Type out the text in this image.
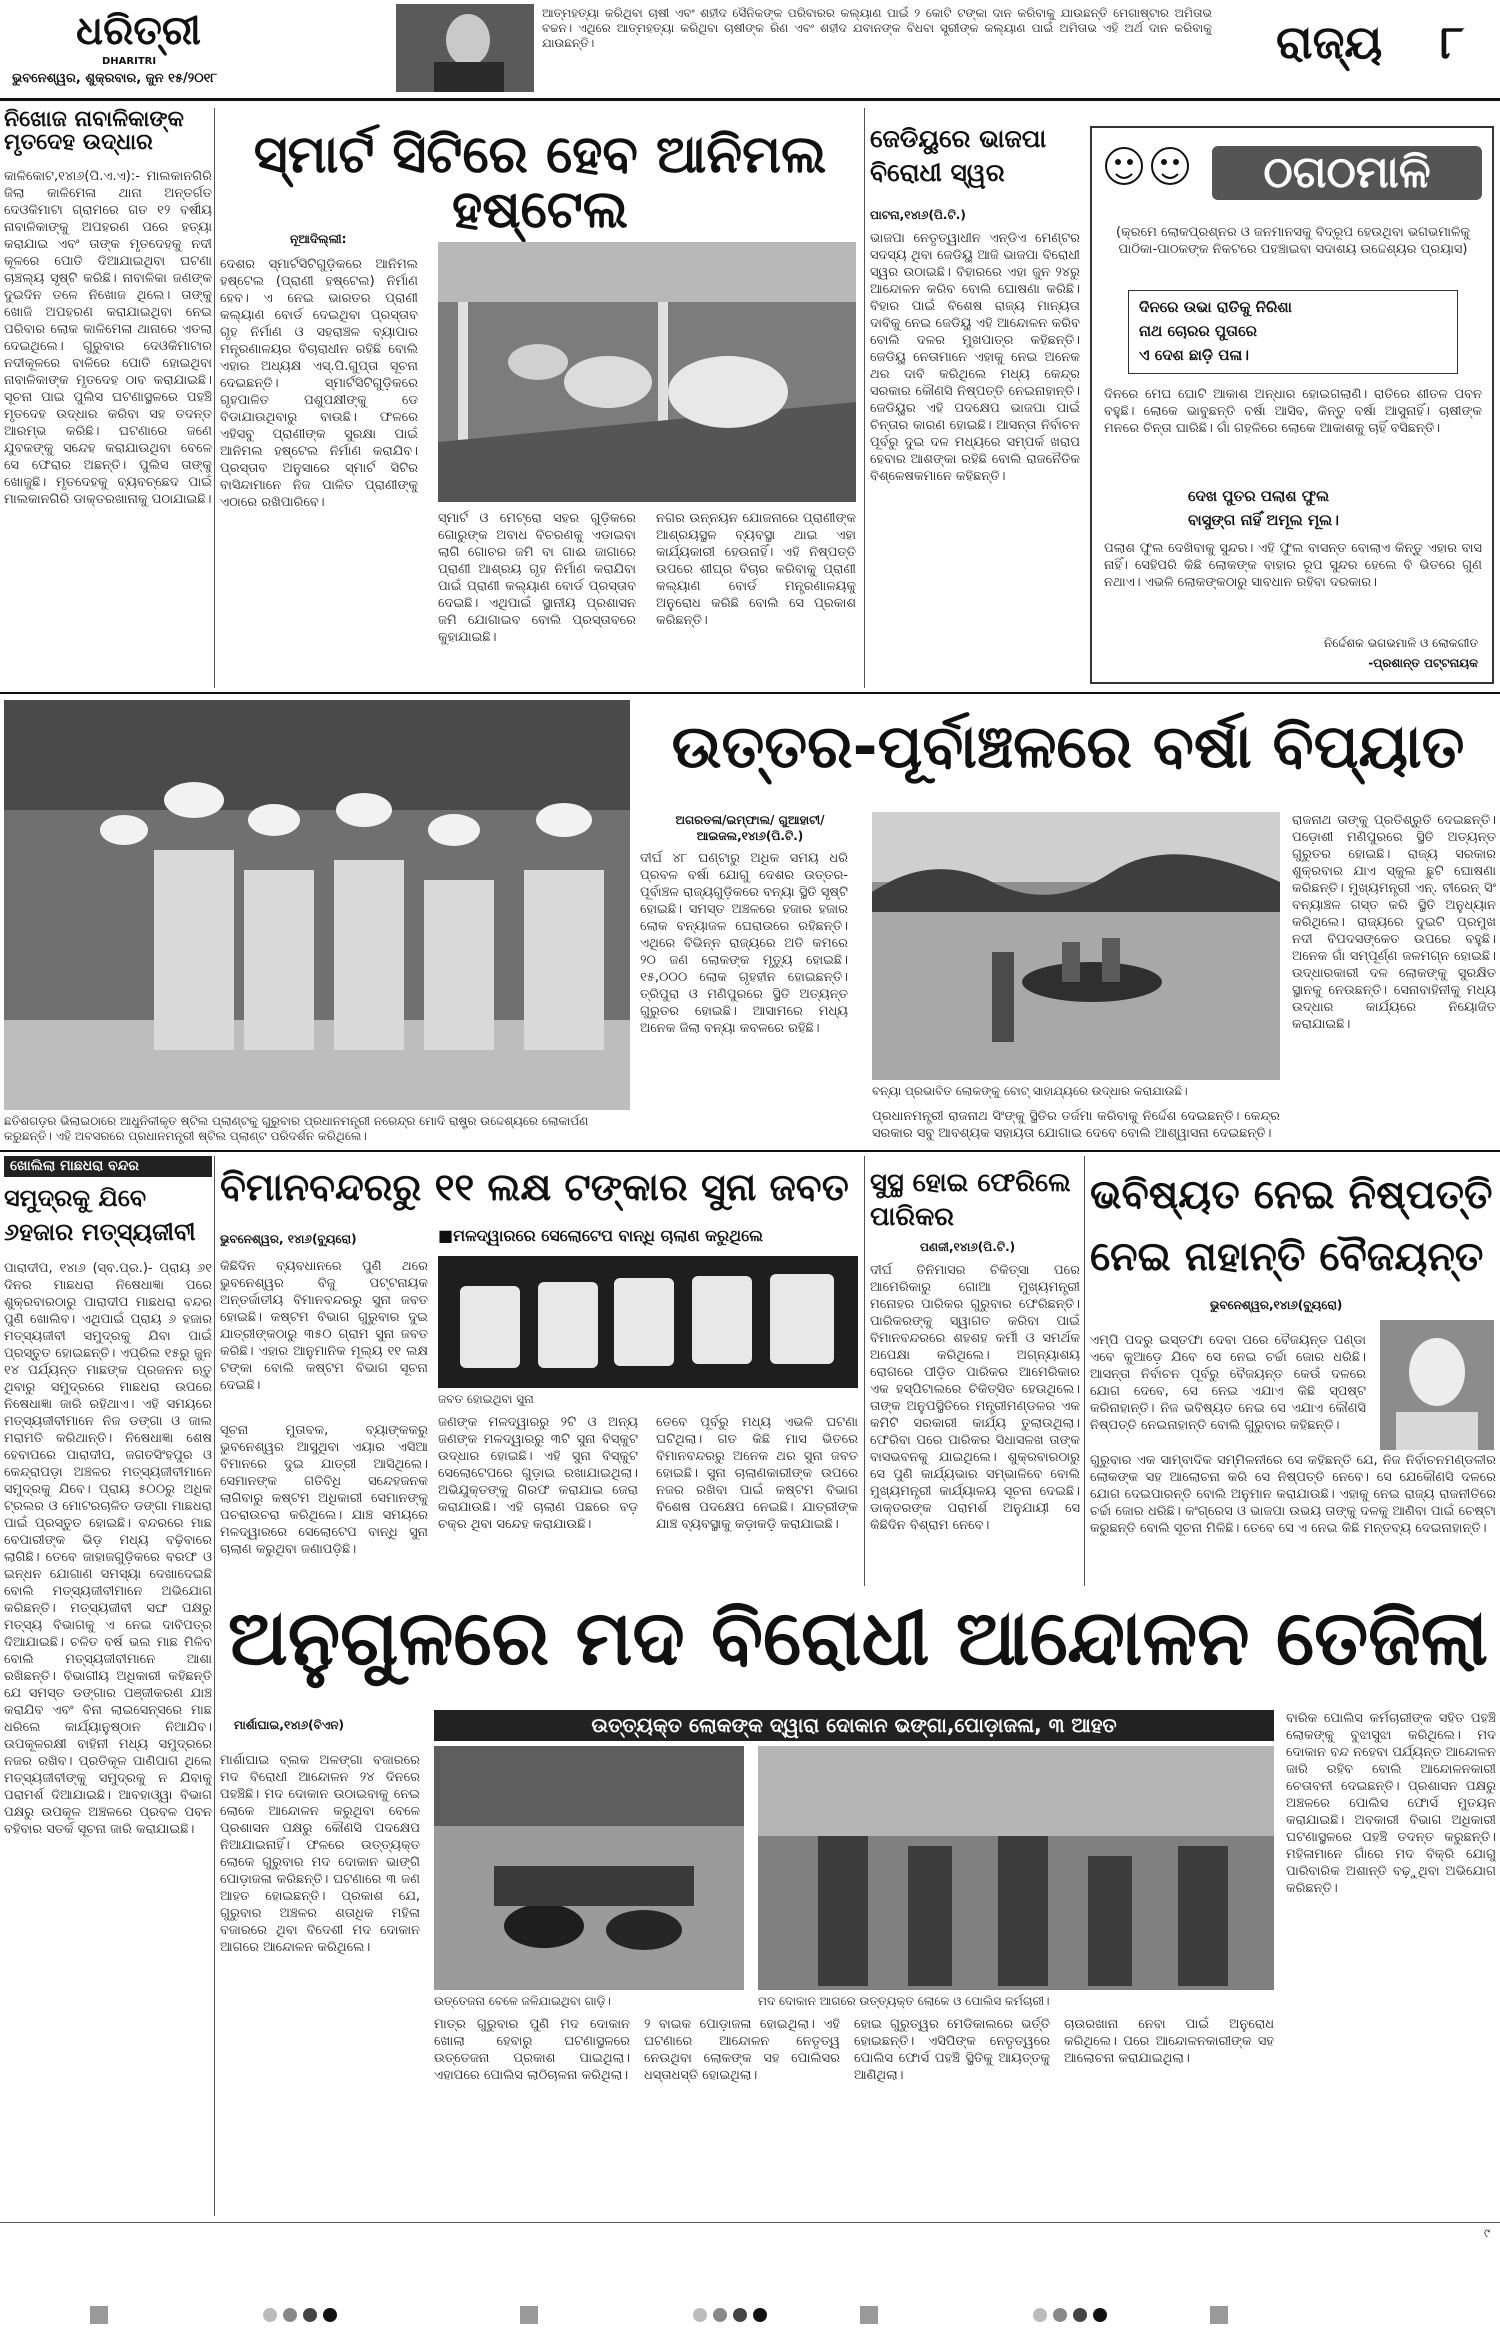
ଧରିତ୍ରୀ
DHARITRI
ଭୁବନେଶ୍ୱର, ଶୁକ୍ରବାର, ଜୁନ ୧୫/୨୦୧୮
ଆତ୍ମହତ୍ୟା କରିଥିବା ଚାଷୀ ଏବଂ ଶହୀଦ ସୈନିକଙ୍କ ପରିବାରର କଲ୍ୟାଣ ପାଇଁ ୨ କୋଟି ଟଙ୍କା ଦାନ କରିବାକୁ ଯାଉଛନ୍ତି ମେଗାଷ୍ଟାର ଅମିତାଭ ବଚ୍ଚନ। ଏଥିରେ ଆତ୍ମହତ୍ୟା କରିଥିବା ଚାଷୀଙ୍କ ରିଣ ଏବଂ ଶହୀଦ ଯବାନଙ୍କ ବିଧବା ସ୍ତ୍ରୀଙ୍କ କଲ୍ୟାଣ ପାଇଁ ଅମିତାଭ ଏହି ଅର୍ଥ ଦାନ କରିବାକୁ ଯାଉଛନ୍ତି।	ରାଜ୍ୟ ୮
ନିଖୋଜ ନାବାଳିକାଙ୍କ ମୃତଦେହ ଉଦ୍ଧାର
କାଳିକୋଟ,୧୪ା୬(ପି.ଏ.ଏ):- ମାଲକାନଗିରି ଜିଲା କାଳିମେଳା ଥାନା ଅନ୍ତର୍ଗତ ଦେଓକିମାଟା ଗ୍ରାମରେ ଗତ ୧୨ ବର୍ଷୀୟ ନାବାଳିକାଙ୍କୁ ଅପହରଣ ପରେ ହତ୍ୟା କରାଯାଇ ଏବଂ ତାଙ୍କ ମୃତଦେହକୁ ନଦୀ କୂଳରେ ପୋତି ଦିଆଯାଇଥିବା ଘଟଣା ଚାଞ୍ଚଲ୍ୟ ସୃଷ୍ଟି କରିଛି। ନାବାଳିକା ଜଣଙ୍କ ଦୁଇଦିନ ତଳେ ନିଖୋଜ ଥିଲେ। ତାଙ୍କୁ ଖୋଜି ଅପହରଣ କରାଯାଇଥିବା ନେଇ ପରିବାର ଲୋକ କାଳିମେଳା ଥାନାରେ ଏତଲା ଦେଇଥିଲେ। ଗୁରୁବାର ଦେଓକିମାଟାର ନଦୀକୂଳରେ ବାଳିରେ ପୋତି ହୋଇଥିବା ନାବାଳିକାଙ୍କ ମୃତଦେହ ଠାବ କରାଯାଇଛି। ସୂଚନା ପାଇ ପୁଲିସ ଘଟଣାସ୍ଥଳରେ ପହଞ୍ଚି ମୃତଦେହ ଉଦ୍ଧାର କରିବା ସହ ତଦନ୍ତ ଆରମ୍ଭ କରିଛି। ଘଟଣାରେ ଜଣେ ଯୁବକଙ୍କୁ ସନ୍ଦେହ କରାଯାଉଥିବା ବେଳେ ସେ ଫେରାର ଅଛନ୍ତି। ପୁଲିସ ତାଙ୍କୁ ଖୋଜୁଛି। ମୃତଦେହକୁ ବ୍ୟବଚ୍ଛେଦ ପାଇଁ ମାଲକାନଗିରି ଡାକ୍ତରଖାନାକୁ ପଠାଯାଇଛି।
ସ୍ମାର୍ଟ ସିଟିରେ ହେବ ଆନିମଲ ହଷ୍ଟେଲ
ନୂଆଦିଲ୍ଲୀ:
ଦେଶର ସ୍ମାର୍ଟସିଟିଗୁଡ଼ିକରେ ଆନିମଲ ହଷ୍ଟେଲ (ପ୍ରାଣୀ ହଷ୍ଟେଲ) ନିର୍ମାଣ ହେବ। ଏ ନେଇ ଭାରତର ପ୍ରାଣୀ କଲ୍ୟାଣ ବୋର୍ଡ ଦେଇଥିବା ପ୍ରସ୍ତାବ ଗୃହ ନିର୍ମାଣ ଓ ସହରାଞ୍ଚଳ ବ୍ୟାପାର ମନ୍ତ୍ରଣାଳୟର ବିଚାରାଧୀନ ରହିଛି ବୋଲି ଏହାର ଅଧ୍ୟକ୍ଷ ଏସ୍.ପି.ଗୁପ୍ତା ସୂଚନା ଦେଇଛନ୍ତି। ସ୍ମାର୍ଟସିଟିଗୁଡ଼ିକରେ ଗୃହପାଳିତ ପଶୁପକ୍ଷୀଙ୍କୁ ଡେ ବିଡାଯାଉଥିବାରୁ ବାଉଛି। ଫଳରେ ଏହିସବୁ ପ୍ରାଣୀଙ୍କ ସୁରକ୍ଷା ପାଇଁ ଆନିମଲ ହଷ୍ଟେଲ ନିର୍ମାଣ କରାଯିବ। ପ୍ରସ୍ତାବ ଅନୁସାରେ ସ୍ମାର୍ଟ ସିଟିର ବାସିନ୍ଦାମାନେ ନିଜ ପାଳିତ ପ୍ରାଣୀଙ୍କୁ ଏଠାରେ ରଖିପାରିବେ।
ସ୍ମାର୍ଟ ଓ ମେଟ୍ରୋ ସହର ଗୁଡ଼ିକରେ ଗୋରୁଙ୍କ ଅବାଧ ବିଚରଣକୁ ଏଡାଇବା ଲାଗି ଗୋଚର ଜମି ବା ଗାଈ ଜାଗାରେ ପ୍ରାଣୀ ଆଶ୍ରୟ ଗୃହ ନିର୍ମାଣ କରାଯିବା ପାଇଁ ପ୍ରାଣୀ କଲ୍ୟାଣ ବୋର୍ଡ ପ୍ରସ୍ତାବ ଦେଇଛି। ଏଥିପାଇଁ ସ୍ଥାନୀୟ ପ୍ରଶାସନ ଜମି ଯୋଗାଇବ ବୋଲି ପ୍ରସ୍ତାବରେ କୁହାଯାଇଛି।
ନଗର ଉନ୍ନୟନ ଯୋଜନାରେ ପ୍ରାଣୀଙ୍କ ଆଶ୍ରୟସ୍ଥଳ ବ୍ୟବସ୍ଥା ଥାଇ ଏହା କାର୍ଯ୍ୟକାରୀ ହେଉନାହିଁ। ଏହି ନିଷ୍ପତ୍ତି ଉପରେ ଶୀଘ୍ର ବିଚାର କରିବାକୁ ପ୍ରାଣୀ କଲ୍ୟାଣ ବୋର୍ଡ ମନ୍ତ୍ରଣାଳୟକୁ ଅନୁରୋଧ କରିଛି ବୋଲି ସେ ପ୍ରକାଶ କରିଛନ୍ତି।
ଜେଡିୟୁରେ ଭାଜପା ବିରୋଧୀ ସ୍ୱର
ପାଟନା,୧୪ା୬(ପି.ଟି.)
ଭାଜପା ନେତୃତ୍ୱାଧୀନ ଏନ୍‌ଡିଏ ମେଣ୍ଟର ସଦସ୍ୟ ଥିବା ଜେଡିୟୁ ଆଜି ଭାଜପା ବିରୋଧୀ ସ୍ୱର ଉଠାଇଛି। ବିହାରରେ ଏହା ଜୁନ ୨୪ରୁ ଆନ୍ଦୋଳନ କରିବ ବୋଲି ଘୋଷଣା କରିଛି। ବିହାର ପାଇଁ ବିଶେଷ ରାଜ୍ୟ ମାନ୍ୟତା ଦାବିକୁ ନେଇ ଜେଡିୟୁ ଏହି ଆନ୍ଦୋଳନ କରିବ ବୋଲି ଦଳର ମୁଖପାତ୍ର କହିଛନ୍ତି। ଜେଡିୟୁ ନେତାମାନେ ଏହାକୁ ନେଇ ଅନେକ ଥର ଦାବି କରିଥିଲେ ମଧ୍ୟ କେନ୍ଦ୍ର ସରକାର କୌଣସି ନିଷ୍ପତ୍ତି ନେଇନାହାନ୍ତି। ଜେଡିୟୁର ଏହି ପଦକ୍ଷେପ ଭାଜପା ପାଇଁ ଚିନ୍ତାର କାରଣ ହୋଇଛି। ଆସନ୍ତା ନିର୍ବାଚନ ପୂର୍ବରୁ ଦୁଇ ଦଳ ମଧ୍ୟରେ ସମ୍ପର୍କ ଖରାପ ହେବାର ଆଶଙ୍କା ରହିଛି ବୋଲି ରାଜନୈତିକ ବିଶ୍ଳେଷକମାନେ କହିଛନ୍ତି।
ଠଗଠମାଳି
(କ୍ରମେ ଲୋକପ୍ରଶ୍ନର ଓ ଜନମାନସକୁ ବିଦ୍ରୂପ ହେଉଥିବା ଭଗଭମାଳିକୁ ପାଠିକା-ପାଠକଙ୍କ ନିକଟରେ ପହଞ୍ଚାଇବା ସଦାଶୟ ଉଦ୍ଦେଶ୍ୟର ପ୍ରୟାସ)
ଦିନରେ ଉଭା ରାତିକୁ ନିରିଶା
ନାଥ ଚୋରର ପୁତାରେ
ଏ ଦେଶ ଛାଡ଼ି ପଳା।
ଦିନରେ ମେଘ ଘୋଟି ଆକାଶ ଅନ୍ଧାର ହୋଇଗଲାଣି। ରାତିରେ ଶୀତଳ ପବନ ବହୁଛି। ଲୋକେ ଭାବୁଛନ୍ତି ବର୍ଷା ଆସିବ, କିନ୍ତୁ ବର୍ଷା ଆସୁନାହିଁ। ଚାଷୀଙ୍କ ମନରେ ଚିନ୍ତା ଘାରିଛି। ଗାଁ ଗହଳିରେ ଲୋକେ ଆକାଶକୁ ଚାହିଁ ବସିଛନ୍ତି।
ଦେଖ ପୁତର ପଲାଶ ଫୁଲ
ବାସୁଙ୍ଗ ନାହିଁ ଅମୂଲ ମୂଲ।
ପଲାଶ ଫୁଲ ଦେଖିବାକୁ ସୁନ୍ଦର। ଏହି ଫୁଲ ବାସନ୍ତ ବୋଲାଏ କିନ୍ତୁ ଏହାର ବାସ ନାହିଁ। ସେହିପରି କିଛି ଲୋକଙ୍କ ବାହାର ରୂପ ସୁନ୍ଦର ହେଲେ ବି ଭିତରେ ଗୁଣ ନଥାଏ। ଏଭଳି ଲୋକଙ୍କଠାରୁ ସାବଧାନ ରହିବା ଦରକାର।
ନିର୍ଦ୍ଦେଶକ ଭଗଭମାଳି ଓ ଲୋକଗୀତ
-ପ୍ରଶାନ୍ତ ପଟ୍ଟନାୟକ
ଛତିଶଗଡ଼ର ଭିଲାଇଠାରେ ଆଧୁନିକୀକୃତ ଷ୍ଟିଲ ପ୍ଲାଣ୍ଟକୁ ଗୁରୁବାର ପ୍ରଧାନମନ୍ତ୍ରୀ ନରେନ୍ଦ୍ର ମୋଦି ରାଷ୍ଟ୍ର ଉଦ୍ଦେଶ୍ୟରେ ଲୋକାର୍ପଣ କରୁଛନ୍ତି। ଏହି ଅବସରରେ ପ୍ରଧାନମନ୍ତ୍ରୀ ଷ୍ଟିଲ ପ୍ଲାଣ୍ଟ ପରିଦର୍ଶନ କରିଥିଲେ।
ଉତ୍ତର-ପୂର୍ବାଞ୍ଚଳରେ ବର୍ଷା ବିପ୍ୟାତ
ଅଗରତଳା/ଇମ୍ଫାଲ/ ଗୁଆହାଟୀ/ଆଇଜଲ,୧୪ା୬(ପି.ଟି.)
ଦୀର୍ଘ ୪୮ ଘଣ୍ଟାରୁ ଅଧିକ ସମୟ ଧରି ପ୍ରବଳ ବର୍ଷା ଯୋଗୁ ଦେଶର ଉତ୍ତର-ପୂର୍ବାଞ୍ଚଳ ରାଜ୍ୟଗୁଡ଼ିକରେ ବନ୍ୟା ସ୍ଥିତି ସୃଷ୍ଟି ହୋଇଛି। ସମସ୍ତ ଅଞ୍ଚଳରେ ହଜାର ହଜାର ଲୋକ ବନ୍ୟାଜଳ ଘେରାଉରେ ରହିଛନ୍ତି। ଏଥିରେ ବିଭିନ୍ନ ରାଜ୍ୟରେ ଅତି କମରେ ୨୦ ଜଣ ଲୋକଙ୍କ ମୃତ୍ୟୁ ହୋଇଛି। ୧୫,୦୦୦ ଲୋକ ଗୃହହୀନ ହୋଇଛନ୍ତି। ତ୍ରିପୁରା ଓ ମଣିପୁରରେ ସ୍ଥିତି ଅତ୍ୟନ୍ତ ଗୁରୁତର ହୋଇଛି। ଆସାମରେ ମଧ୍ୟ ଅନେକ ଜିଲା ବନ୍ୟା କବଳରେ ରହିଛି।
ବନ୍ୟା ପ୍ରଭାବିତ ଲୋକଙ୍କୁ ବୋଟ୍ ସାହାଯ୍ୟରେ ଉଦ୍ଧାର କରାଯାଉଛି।
ରାଜନାଥ ତାଙ୍କୁ ପ୍ରତିଶ୍ରୁତି ଦେଇଛନ୍ତି। ପଡ଼ୋଶୀ ମଣିପୁରରେ ସ୍ଥିତି ଅତ୍ୟନ୍ତ ଗୁରୁତର ହୋଇଛି। ରାଜ୍ୟ ସରକାର ଶୁକ୍ରବାର ଯାଏ ସ୍କୁଲ ଛୁଟି ଘୋଷଣା କରିଛନ୍ତି। ମୁଖ୍ୟମନ୍ତ୍ରୀ ଏନ୍. ବୀରେନ୍ ସିଂ ବନ୍ୟାଞ୍ଚଳ ଗସ୍ତ କରି ସ୍ଥିତି ଅନୁଧ୍ୟାନ କରିଥିଲେ। ରାଜ୍ୟରେ ଦୁଇଟି ପ୍ରମୁଖ ନଦୀ ବିପଦସଙ୍କେତ ଉପରେ ବହୁଛି। ଅନେକ ଗାଁ ସମ୍ପୂର୍ଣ୍ଣ ଜଳମଗ୍ନ ହୋଇଛି। ଉଦ୍ଧାରକାରୀ ଦଳ ଲୋକଙ୍କୁ ସୁରକ୍ଷିତ ସ୍ଥାନକୁ ନେଉଛନ୍ତି। ସେନାବାହିନୀକୁ ମଧ୍ୟ ଉଦ୍ଧାର କାର୍ଯ୍ୟରେ ନିୟୋଜିତ କରାଯାଇଛି।
ପ୍ରଧାନମନ୍ତ୍ରୀ ରାଜନାଥ ସିଂଙ୍କୁ ସ୍ଥିତିର ତର୍ଜମା କରିବାକୁ ନିର୍ଦ୍ଦେଶ ଦେଇଛନ୍ତି। କେନ୍ଦ୍ର ସରକାର ସବୁ ଆବଶ୍ୟକ ସହାୟତା ଯୋଗାଇ ଦେବେ ବୋଲି ଆଶ୍ୱାସନା ଦେଇଛନ୍ତି।
ଖୋଲିଲା ମାଛଧରା ବନ୍ଦର
ସମୁଦ୍ରକୁ ଯିବେ
୬ହଜାର ମତ୍ସ୍ୟଜୀବୀ
ପାରାଦୀପ, ୧୪ା୬ (ସ୍ବ.ପ୍ର.)- ପ୍ରାୟ ୬୧ ଦିନର ମାଛଧରା ନିଷେଧାଜ୍ଞା ପରେ ଶୁକ୍ରବାରଠାରୁ ପାରାଦୀପ ମାଛଧରା ବନ୍ଦର ପୁଣି ଖୋଲିବ। ଏଥିପାଇଁ ପ୍ରାୟ ୬ ହଜାର ମତ୍ସ୍ୟଜୀବୀ ସମୁଦ୍ରକୁ ଯିବା ପାଇଁ ପ୍ରସ୍ତୁତ ହୋଇଛନ୍ତି। ଏପ୍ରିଲ ୧୫ରୁ ଜୁନ ୧୪ ପର୍ଯ୍ୟନ୍ତ ମାଛଙ୍କ ପ୍ରଜନନ ଋତୁ ଥିବାରୁ ସମୁଦ୍ରରେ ମାଛଧରା ଉପରେ ନିଷେଧାଜ୍ଞା ଜାରି ରହିଥାଏ। ଏହି ସମୟରେ ମତ୍ସ୍ୟଜୀବୀମାନେ ନିଜ ଡଙ୍ଗା ଓ ଜାଲ ମରାମତି କରିଥାନ୍ତି। ନିଷେଧାଜ୍ଞା ଶେଷ ହେବାପରେ ପାରାଦୀପ, ଜଗତସିଂହପୁର ଓ କେନ୍ଦ୍ରାପଡ଼ା ଅଞ୍ଚଳର ମତ୍ସ୍ୟଜୀବୀମାନେ ସମୁଦ୍ରକୁ ଯିବେ। ପ୍ରାୟ ୫୦୦ରୁ ଅଧିକ ଟ୍ରଲର ଓ ମୋଟରଚାଳିତ ଡଙ୍ଗା ମାଛଧରା ପାଇଁ ପ୍ରସ୍ତୁତ ହୋଇଛି। ବନ୍ଦରରେ ମାଛ ବେପାରୀଙ୍କ ଭିଡ଼ ମଧ୍ୟ ବଢ଼ିବାରେ ଲାଗିଛି। ତେବେ ଜାହାଜଗୁଡ଼ିକରେ ବରଫ ଓ ଇନ୍ଧନ ଯୋଗାଣ ସମସ୍ୟା ଦେଖାଦେଇଛି ବୋଲି ମତ୍ସ୍ୟଜୀବୀମାନେ ଅଭିଯୋଗ କରିଛନ୍ତି। ମତ୍ସ୍ୟଜୀବୀ ସଙ୍ଘ ପକ୍ଷରୁ ମତ୍ସ୍ୟ ବିଭାଗକୁ ଏ ନେଇ ଦାବିପତ୍ର ଦିଆଯାଇଛି। ଚଳିତ ବର୍ଷ ଭଲ ମାଛ ମିଳିବ ବୋଲି ମତ୍ସ୍ୟଜୀବୀମାନେ ଆଶା ରଖିଛନ୍ତି। ବିଭାଗୀୟ ଅଧିକାରୀ କହିଛନ୍ତି ଯେ ସମସ୍ତ ଡଙ୍ଗାର ପଞ୍ଜୀକରଣ ଯାଞ୍ଚ କରାଯିବ ଏବଂ ବିନା ଲାଇସେନ୍ସରେ ମାଛ ଧରିଲେ କାର୍ଯ୍ୟାନୁଷ୍ଠାନ ନିଆଯିବ। ଉପକୂଳରକ୍ଷୀ ବାହିନୀ ମଧ୍ୟ ସମୁଦ୍ରରେ ନଜର ରଖିବ। ପ୍ରତିକୂଳ ପାଣିପାଗ ଥିଲେ ମତ୍ସ୍ୟଜୀବୀଙ୍କୁ ସମୁଦ୍ରକୁ ନ ଯିବାକୁ ପରାମର୍ଶ ଦିଆଯାଇଛି। ଆବହାଓ୍ୱା ବିଭାଗ ପକ୍ଷରୁ ଉପକୂଳ ଅଞ୍ଚଳରେ ପ୍ରବଳ ପବନ ବହିବାର ସତର୍କ ସୂଚନା ଜାରି କରାଯାଇଛି।
ବିମାନବନ୍ଦରରୁ ୧୧ ଲକ୍ଷ ଟଙ୍କାର ସୁନା ଜବତ
ଭୁବନେଶ୍ୱର, ୧୪ା୬(ବ୍ୟୁରୋ)	■ମଳଦ୍ୱାରରେ ସେଲୋଟେପ ବାନ୍ଧି ଚାଲାଣ କରୁଥିଲେ
କିଛିଦିନ ବ୍ୟବଧାନରେ ପୁଣି ଥରେ ଭୁବନେଶ୍ୱର ବିଜୁ ପଟ୍ଟନାୟକ ଅନ୍ତର୍ଜାତୀୟ ବିମାନବନ୍ଦରରୁ ସୁନା ଜବତ ହୋଇଛି। କଷ୍ଟମ ବିଭାଗ ଗୁରୁବାର ଦୁଇ ଯାତ୍ରୀଙ୍କଠାରୁ ୩୫୦ ଗ୍ରାମ ସୁନା ଜବତ କରିଛି। ଏହାର ଆନୁମାନିକ ମୂଲ୍ୟ ୧୧ ଲକ୍ଷ ଟଙ୍କା ବୋଲି କଷ୍ଟମ ବିଭାଗ ସୂଚନା ଦେଇଛି।
ଜବତ ହୋଇଥିବା ସୁନା
ସୂଚନା ମୁତାବକ, ବ୍ୟାଙ୍କକରୁ ଭୁବନେଶ୍ୱର ଆସୁଥିବା ଏୟାର ଏସିଆ ବିମାନରେ ଦୁଇ ଯାତ୍ରୀ ଆସିଥିଲେ। ସେମାନଙ୍କ ଗତିବିଧି ସନ୍ଦେହଜନକ ଲାଗିବାରୁ କଷ୍ଟମ ଅଧିକାରୀ ସେମାନଙ୍କୁ ପଚରାଉଚରା କରିଥିଲେ। ଯାଞ୍ଚ ସମୟରେ ମଳଦ୍ୱାରରେ ସେଲୋଟେପ ବାନ୍ଧି ସୁନା ଚାଲାଣ କରୁଥିବା ଜଣାପଡ଼ିଛି।
ଜଣଙ୍କ ମଳଦ୍ୱାରରୁ ୨ଟି ଓ ଅନ୍ୟ ଜଣଙ୍କ ମଳଦ୍ୱାରରୁ ୩ଟି ସୁନା ବିସ୍କୁଟ ଉଦ୍ଧାର ହୋଇଛି। ଏହି ସୁନା ବିସ୍କୁଟ ସେଲୋଟେପରେ ଗୁଡ଼ାଇ ରଖାଯାଇଥିଲା। ଅଭିଯୁକ୍ତଙ୍କୁ ଗିରଫ କରାଯାଇ ଜେରା କରାଯାଉଛି। ଏହି ଚାଲାଣ ପଛରେ ବଡ଼ ଚକ୍ର ଥିବା ସନ୍ଦେହ କରାଯାଉଛି।
ତେବେ ପୂର୍ବରୁ ମଧ୍ୟ ଏଭଳି ଘଟଣା ଘଟିଥିଲା। ଗତ କିଛି ମାସ ଭିତରେ ବିମାନବନ୍ଦରରୁ ଅନେକ ଥର ସୁନା ଜବତ ହୋଇଛି। ସୁନା ଚାଲାଣକାରୀଙ୍କ ଉପରେ ନଜର ରଖିବା ପାଇଁ କଷ୍ଟମ ବିଭାଗ ବିଶେଷ ପଦକ୍ଷେପ ନେଇଛି। ଯାତ୍ରୀଙ୍କ ଯାଞ୍ଚ ବ୍ୟବସ୍ଥାକୁ କଡ଼ାକଡ଼ି କରାଯାଇଛି।
ସୁସ୍ଥ ହୋଇ ଫେରିଲେ ପାରିକର
ପଣଜୀ,୧୪ା୬(ପି.ଟି.)
ଦୀର୍ଘ ତିନିମାସର ଚିକିତ୍ସା ପରେ ଆମେରିକାରୁ ଗୋଆ ମୁଖ୍ୟମନ୍ତ୍ରୀ ମନୋହର ପାରିକର ଗୁରୁବାର ଫେରିଛନ୍ତି। ପାରିକରଙ୍କୁ ସ୍ୱାଗତ କରିବା ପାଇଁ ବିମାନବନ୍ଦରରେ ଶହଶହ କର୍ମୀ ଓ ସମର୍ଥକ ଅପେକ୍ଷା କରିଥିଲେ। ଅଗ୍ନ୍ୟାଶୟ ରୋଗରେ ପୀଡ଼ିତ ପାରିକର ଆମେରିକାର ଏକ ହସ୍ପିଟାଲରେ ଚିକିତ୍ସିତ ହେଉଥିଲେ। ତାଙ୍କ ଅନୁପସ୍ଥିତିରେ ମନ୍ତ୍ରୀମଣ୍ଡଳର ଏକ କମିଟି ସରକାରୀ କାର୍ଯ୍ୟ ତୁଲାଉଥିଲା। ଫେରିବା ପରେ ପାରିକର ସିଧାସଳଖ ତାଙ୍କ ବାସଭବନକୁ ଯାଇଥିଲେ। ଶୁକ୍ରବାରଠାରୁ ସେ ପୁଣି କାର୍ଯ୍ୟଭାର ସମ୍ଭାଳିବେ ବୋଲି ମୁଖ୍ୟମନ୍ତ୍ରୀ କାର୍ଯ୍ୟାଳୟ ସୂଚନା ଦେଇଛି। ଡାକ୍ତରଙ୍କ ପରାମର୍ଶ ଅନୁଯାୟୀ ସେ କିଛିଦିନ ବିଶ୍ରାମ ନେବେ।
ଭବିଷ୍ୟତ ନେଇ ନିଷ୍ପତ୍ତି
ନେଇ ନାହାନ୍ତି ବୈଜୟନ୍ତ
ଭୁବନେଶ୍ୱର,୧୪ା୬(ବ୍ୟୁରୋ)
ଏମ୍‌ପି ପଦରୁ ଇସ୍ତଫା ଦେବା ପରେ ବୈଜୟନ୍ତ ପଣ୍ଡା ଏବେ କୁଆଡ଼େ ଯିବେ ସେ ନେଇ ଚର୍ଚ୍ଚା ଜୋର ଧରିଛି। ଆସନ୍ତା ନିର୍ବାଚନ ପୂର୍ବରୁ ବୈଜୟନ୍ତ କେଉଁ ଦଳରେ ଯୋଗ ଦେବେ, ସେ ନେଇ ଏଯାଏ କିଛି ସ୍ପଷ୍ଟ କରିନାହାନ୍ତି। ନିଜ ଭବିଷ୍ୟତ ନେଇ ସେ ଏଯାଏ କୌଣସି ନିଷ୍ପତ୍ତି ନେଇନାହାନ୍ତି ବୋଲି ଗୁରୁବାର କହିଛନ୍ତି।
ଗୁରୁବାର ଏକ ସାମ୍ବାଦିକ ସମ୍ମିଳନୀରେ ସେ କହିଛନ୍ତି ଯେ, ନିଜ ନିର୍ବାଚନମଣ୍ଡଳୀର ଲୋକଙ୍କ ସହ ଆଲୋଚନା କରି ସେ ନିଷ୍ପତ୍ତି ନେବେ। ସେ ଯେକୌଣସି ଦଳରେ ଯୋଗ ଦେଇପାରନ୍ତି ବୋଲି ଅନୁମାନ କରାଯାଉଛି। ଏହାକୁ ନେଇ ରାଜ୍ୟ ରାଜନୀତିରେ ଚର୍ଚ୍ଚା ଜୋର ଧରିଛି। କଂଗ୍ରେସ ଓ ଭାଜପା ଉଭୟ ତାଙ୍କୁ ଦଳକୁ ଆଣିବା ପାଇଁ ଚେଷ୍ଟା କରୁଛନ୍ତି ବୋଲି ସୂଚନା ମିଳିଛି। ତେବେ ସେ ଏ ନେଇ କିଛି ମନ୍ତବ୍ୟ ଦେଇନାହାନ୍ତି।
ଅନୁଗୁଳରେ ମଦ ବିରୋଧୀ ଆନ୍ଦୋଳନ ତେଜିଲା
ମାର୍ଶାଘାଇ,୧୪ା୬(ବିଏନ)
ମାର୍ଶାଘାଇ ବ୍ଲକ ଅଳଙ୍ଗା ବଜାରରେ ମଦ ବିରୋଧୀ ଆନ୍ଦୋଳନ ୨୪ ଦିନରେ ପହଞ୍ଚିଛି। ମଦ ଦୋକାନ ଉଠାଇବାକୁ ନେଇ ଲୋକେ ଆନ୍ଦୋଳନ କରୁଥିବା ବେଳେ ପ୍ରଶାସନ ପକ୍ଷରୁ କୌଣସି ପଦକ୍ଷେପ ନିଆଯାଇନାହିଁ। ଫଳରେ ଉତ୍ତ୍ୟକ୍ତ ଲୋକେ ଗୁରୁବାର ମଦ ଦୋକାନ ଭାଙ୍ଗି ପୋଡ଼ାଜଳା କରିଛନ୍ତି। ଘଟଣାରେ ୩ ଜଣ ଆହତ ହୋଇଛନ୍ତି। ପ୍ରକାଶ ଯେ, ଗୁରୁବାର ଅଞ୍ଚଳର ଶତାଧିକ ମହିଳା ବଜାରରେ ଥିବା ବିଦେଶୀ ମଦ ଦୋକାନ ଆଗରେ ଆନ୍ଦୋଳନ କରିଥିଲେ।
ଉତ୍ତ୍ୟକ୍ତ ଲୋକଙ୍କ ଦ୍ୱାରା ଦୋକାନ ଭଙ୍ଗା,ପୋଡ଼ାଜଳା, ୩ ଆହତ
ଉତ୍ତେଜନା ବେଳେ ଜଳିଯାଇଥିବା ଗାଡ଼ି।	ମଦ ଦୋକାନ ଆଗରେ ଉତ୍ତ୍ୟକ୍ତ ଲୋକେ ଓ ପୋଲିସ କର୍ମଚାରୀ।
ମାତ୍ର ଗୁରୁବାର ପୁଣି ମଦ ଦୋକାନ ଖୋଲା ହେବାରୁ ଘଟଣାସ୍ଥଳରେ ଉତ୍ତେଜନା ପ୍ରକାଶ ପାଇଥିଲା। ଏହାପରେ ପୋଲିସ ଲାଠିଚାଳନା କରିଥିଲା।
୨ ବାଇକ ପୋଡ଼ାଜଳା ହୋଇଥିଲା। ଏହି ଘଟଣାରେ ଆନ୍ଦୋଳନ ନେତୃତ୍ୱ ନେଉଥିବା ଲୋକଙ୍କ ସହ ପୋଲିସର ଧସ୍ତାଧସ୍ତି ହୋଇଥିଲା।
ହୋଇ ଗୁରୁତ୍ୱର ମେଡିକାଲରେ ଭର୍ତ୍ତି ହୋଇଛନ୍ତି। ଏସିପିଙ୍କ ନେତୃତ୍ୱରେ ପୋଲିସ ଫୋର୍ସ ପହଞ୍ଚି ସ୍ଥିତିକୁ ଆୟତ୍ତକୁ ଆଣିଥିଲା।
ଚାଉରଖାନା ନେବା ପାଇଁ ଅନୁରୋଧ କରିଥିଲେ। ପରେ ଆନ୍ଦୋଳନକାରୀଙ୍କ ସହ ଆଲୋଚନା କରାଯାଇଥିଲା।
ବାରିକ ପୋଲିସ କର୍ମଚାରୀଙ୍କ ସହିତ ପହଞ୍ଚି ଲୋକଙ୍କୁ ବୁଝାସୁଝା କରିଥିଲେ। ମଦ ଦୋକାନ ବନ୍ଦ ନହେବା ପର୍ଯ୍ୟନ୍ତ ଆନ୍ଦୋଳନ ଜାରି ରହିବ ବୋଲି ଆନ୍ଦୋଳନକାରୀ ଚେତାବନୀ ଦେଇଛନ୍ତି। ପ୍ରଶାସନ ପକ୍ଷରୁ ଅଞ୍ଚଳରେ ପୋଲିସ ଫୋର୍ସ ମୁତୟନ କରାଯାଇଛି। ଅବକାରୀ ବିଭାଗ ଅଧିକାରୀ ଘଟଣାସ୍ଥଳରେ ପହଞ୍ଚି ତଦନ୍ତ କରୁଛନ୍ତି। ମହିଳାମାନେ ଗାଁରେ ମଦ ବିକ୍ରି ଯୋଗୁ ପାରିବାରିକ ଅଶାନ୍ତି ବଢ଼ୁଥିବା ଅଭିଯୋଗ କରିଛନ୍ତି।
୯
